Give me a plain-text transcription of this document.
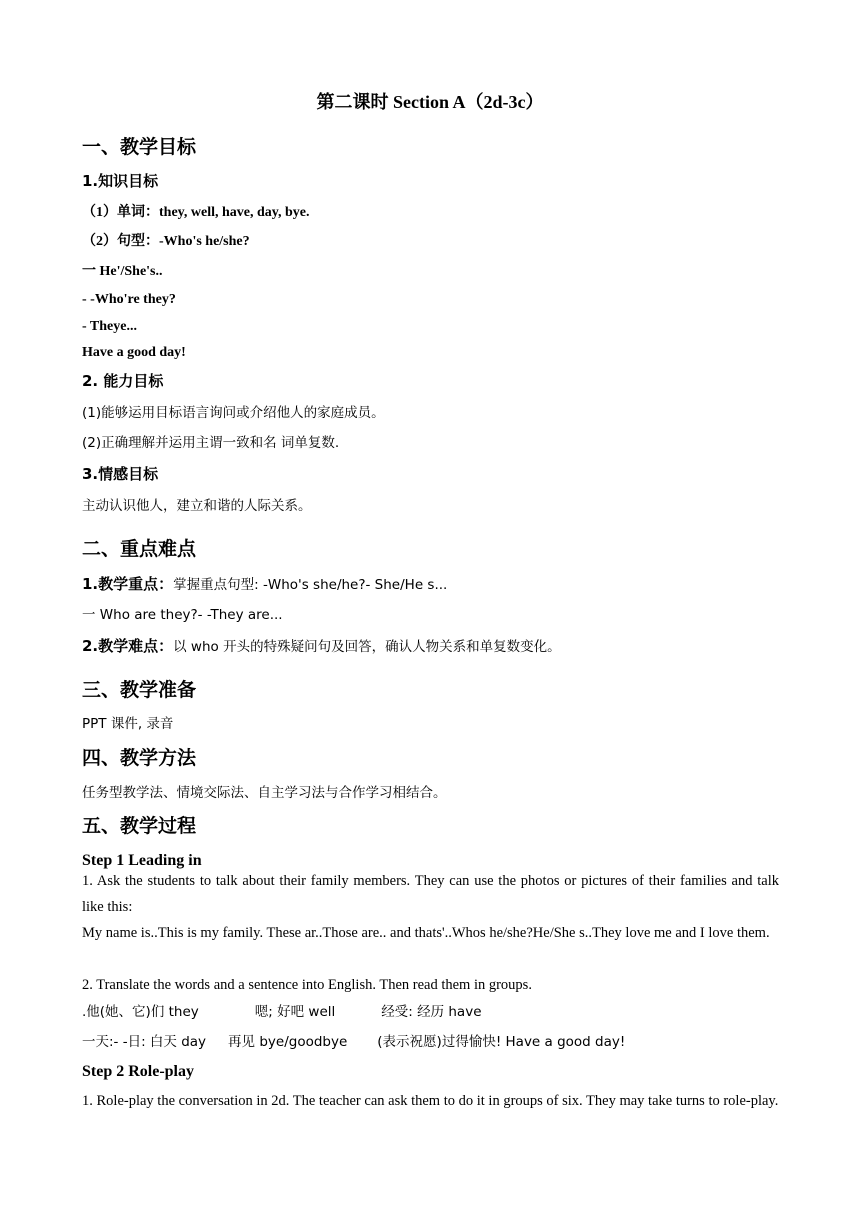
第二课时 Section A（2d-3c）
一、教学目标
1.知识目标
（1）单词：they, well, have, day, bye.
（2）句型：-Who's he/she?
一 He'/She's..
- -Who're they?
- Theye...
Have a good day!
2. 能力目标
(1)能够运用目标语言询问或介绍他人的家庭成员。
(2)正确理解并运用主谓一致和名 词单复数.
3.情感目标
主动认识他人，建立和谐的人际关系。
二、重点难点
1.教学重点：掌握重点句型: -Who's she/he?- She/He s...
一 Who are they?- -They are...
2.教学难点：以 who 开头的特殊疑问句及回答，确认人物关系和单复数变化。
三、教学准备
PPT 课件, 录音
四、教学方法
任务型教学法、情境交际法、自主学习法与合作学习相结合。
五、教学过程
Step 1 Leading in
1. Ask the students to talk about their family members. They can use the photos or pictures of their families and talk like this:
My name is..This is my family. These ar..Those are.. and thats'..Whos he/she?He/She s..They love me and I love them.
2. Translate the words and a sentence into English. Then read them in groups.
.他(她、它)们 they	嗯; 好吧 well	经受: 经历 have
一天:- -日: 白天 day 再见 bye/goodbye (表示祝愿)过得愉快! Have a good day!
Step 2 Role-play
1. Role-play the conversation in 2d. The teacher can ask them to do it in groups of six. They may take turns to role-play.
